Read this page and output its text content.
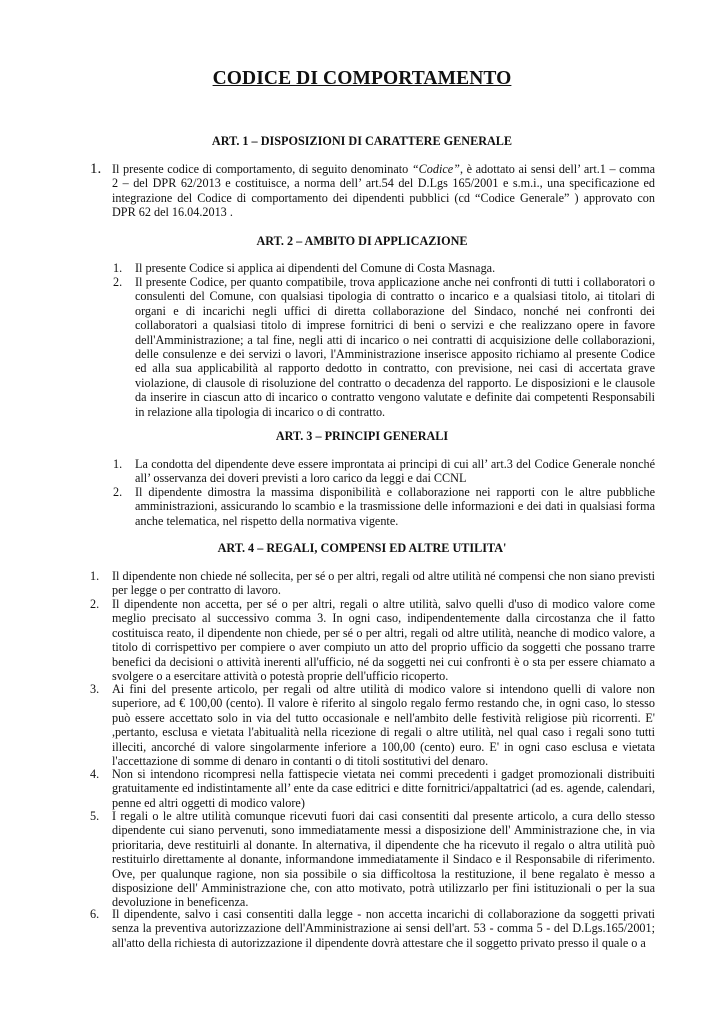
CODICE DI COMPORTAMENTO
ART. 1 – DISPOSIZIONI DI CARATTERE GENERALE
1. Il presente codice di comportamento, di seguito denominato “Codice”, è adottato ai sensi dell’ art.1 – comma 2 – del DPR 62/2013 e costituisce, a norma dell’ art.54 del D.Lgs 165/2001 e s.m.i., una specificazione ed integrazione del Codice di comportamento dei dipendenti pubblici (cd “Codice Generale” ) approvato con DPR 62 del 16.04.2013 .
ART. 2 – AMBITO DI APPLICAZIONE
1. Il presente Codice si applica ai dipendenti del Comune di Costa Masnaga.
2. Il presente Codice, per quanto compatibile, trova applicazione anche nei confronti di tutti i collaboratori o consulenti del Comune, con qualsiasi tipologia di contratto o incarico e a qualsiasi titolo, ai titolari di organi e di incarichi negli uffici di diretta collaborazione del Sindaco, nonché nei confronti dei collaboratori a qualsiasi titolo di imprese fornitrici di beni o servizi e che realizzano opere in favore dell'Amministrazione; a tal fine, negli atti di incarico o nei contratti di acquisizione delle collaborazioni, delle consulenze e dei servizi o lavori, l'Amministrazione inserisce apposito richiamo al presente Codice ed alla sua applicabilità al rapporto dedotto in contratto, con previsione, nei casi di accertata grave violazione, di clausole di risoluzione del contratto o decadenza del rapporto. Le disposizioni e le clausole da inserire in ciascun atto di incarico o contratto vengono valutate e definite dai competenti Responsabili in relazione alla tipologia di incarico o di contratto.
ART. 3 – PRINCIPI GENERALI
1. La condotta del dipendente deve essere improntata ai principi di cui all’ art.3 del Codice Generale nonché all’ osservanza dei doveri previsti a loro carico da leggi e dai CCNL
2. Il dipendente dimostra la massima disponibilità e collaborazione nei rapporti con le altre pubbliche amministrazioni, assicurando lo scambio e la trasmissione delle informazioni e dei dati in qualsiasi forma anche telematica, nel rispetto della normativa vigente.
ART. 4 – REGALI, COMPENSI ED ALTRE UTILITA'
1. Il dipendente non chiede né sollecita, per sé o per altri, regali od altre utilità né compensi che non siano previsti per legge o per contratto di lavoro.
2. Il dipendente non accetta, per sé o per altri, regali o altre utilità, salvo quelli d'uso di modico valore come meglio precisato al successivo comma 3. In ogni caso, indipendentemente dalla circostanza che il fatto costituisca reato, il dipendente non chiede, per sé o per altri, regali od altre utilità, neanche di modico valore, a titolo di corrispettivo per compiere o aver compiuto un atto del proprio ufficio da soggetti che possano trarre benefici da decisioni o attività inerenti all'ufficio, né da soggetti nei cui confronti è o sta per essere chiamato a svolgere o a esercitare attività o potestà proprie dell'ufficio ricoperto.
3. Ai fini del presente articolo, per regali od altre utilità di modico valore si intendono quelli di valore non superiore, ad € 100,00 (cento). Il valore è riferito al singolo regalo fermo restando che, in ogni caso, lo stesso può essere accettato solo in via del tutto occasionale e nell'ambito delle festività religiose più ricorrenti. E' ,pertanto, esclusa e vietata l'abitualità nella ricezione di regali o altre utilità, nel qual caso i regali sono tutti illeciti, ancorché di valore singolarmente inferiore a 100,00 (cento) euro. E' in ogni caso esclusa e vietata l'accettazione di somme di denaro in contanti o di titoli sostitutivi del denaro.
4. Non si intendono ricompresi nella fattispecie vietata nei commi precedenti i gadget promozionali distribuiti gratuitamente ed indistintamente all’ ente da case editrici e ditte fornitrici/appaltatrici (ad es. agende, calendari, penne ed altri oggetti di modico valore)
5. I regali o le altre utilità comunque ricevuti fuori dai casi consentiti dal presente articolo, a cura dello stesso dipendente cui siano pervenuti, sono immediatamente messi a disposizione dell' Amministrazione che, in via prioritaria, deve restituirli al donante. In alternativa, il dipendente che ha ricevuto il regalo o altra utilità può restituirlo direttamente al donante, informandone immediatamente il Sindaco e il Responsabile di riferimento. Ove, per qualunque ragione, non sia possibile o sia difficoltosa la restituzione, il bene regalato è messo a disposizione dell' Amministrazione che, con atto motivato, potrà utilizzarlo per fini istituzionali o per la sua devoluzione in beneficenza.
6. Il dipendente, salvo i casi consentiti dalla legge - non accetta incarichi di collaborazione da soggetti privati senza la preventiva autorizzazione dell'Amministrazione ai sensi dell'art. 53 - comma 5 - del D.Lgs.165/2001; all'atto della richiesta di autorizzazione il dipendente dovrà attestare che il soggetto privato presso il quale o a
